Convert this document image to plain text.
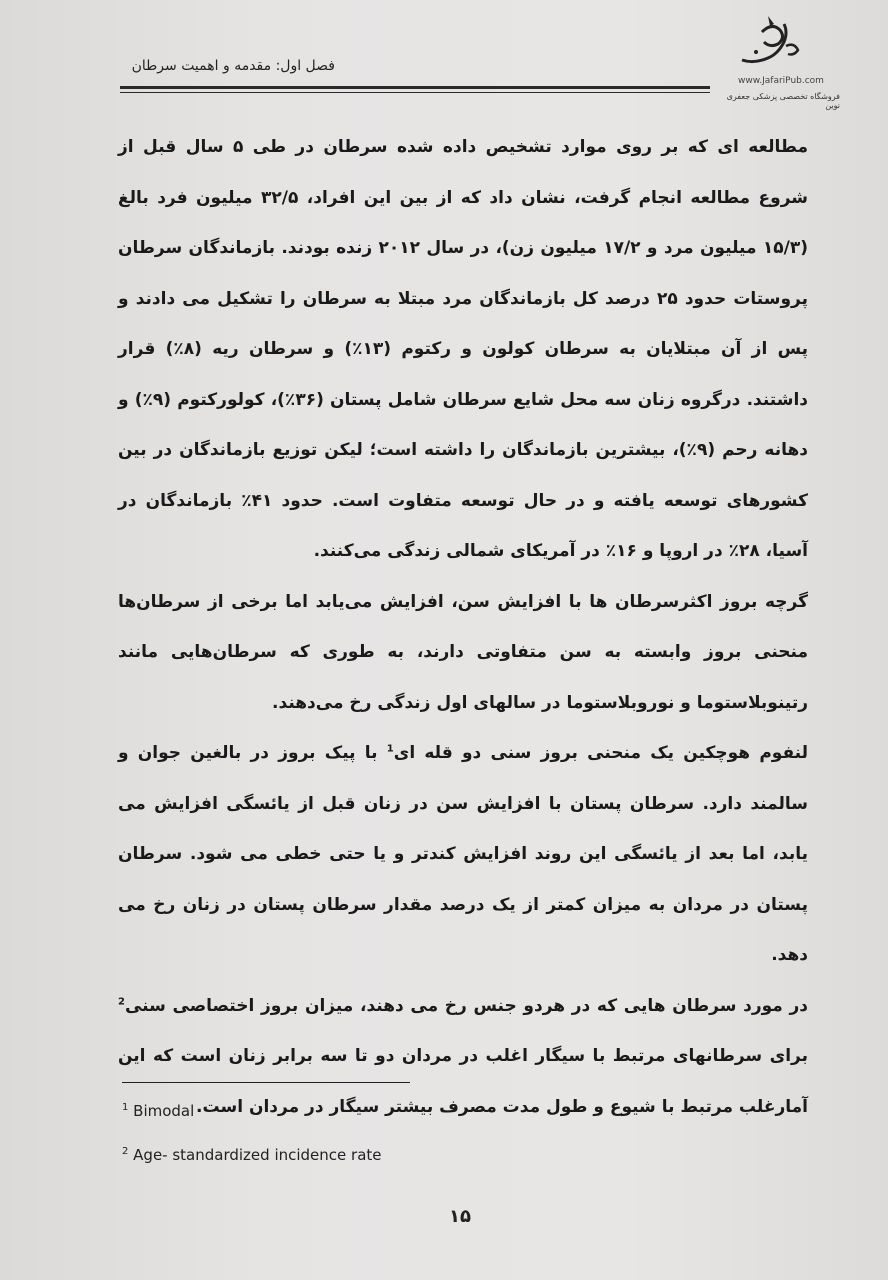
فصل اول: مقدمه و اهمیت سرطان
www.JafariPub.com
فروشگاه تخصصی پزشکی جعفری نوین

مطالعه ای که بر روی موارد تشخیص داده شده سرطان در طی ۵ سال قبل از شروع مطالعه انجام گرفت، نشان داد که از بین این افراد، ۳۲/۵ میلیون فرد بالغ (۱۵/۳ میلیون مرد و ۱۷/۲ میلیون زن)، در سال ۲۰۱۲ زنده بودند. بازماندگان سرطان پروستات حدود ۲۵ درصد کل بازماندگان مرد مبتلا به سرطان را تشکیل می دادند و پس از آن مبتلایان به سرطان کولون و رکتوم (۱۳٪) و سرطان ریه (۸٪) قرار داشتند. درگروه زنان سه محل شایع سرطان شامل پستان (۳۶٪)، کولورکتوم (۹٪) و دهانه رحم (۹٪)، بیشترین بازماندگان را داشته است؛ لیکن توزیع بازماندگان در بین کشورهای توسعه یافته و در حال توسعه متفاوت است. حدود ۴۱٪ بازماندگان در آسیا، ۲۸٪ در اروپا و ۱۶٪ در آمریکای شمالی زندگی می‌کنند.

گرچه بروز اکثرسرطان ها با افزایش سن، افزایش می‌یابد اما برخی از سرطان‌ها منحنی بروز وابسته به سن متفاوتی دارند، به طوری که سرطان‌هایی مانند رتینوبلاستوما و نوروبلاستوما در سالهای اول زندگی رخ می‌دهند.

لنفوم هوچکین یک منحنی بروز سنی دو قله ای$^1$ با پیک بروز در بالغین جوان و سالمند دارد. سرطان پستان با افزایش سن در زنان قبل از یائسگی افزایش می یابد، اما بعد از یائسگی این روند افزایش کندتر و یا حتی خطی می شود. سرطان پستان در مردان به میزان کمتر از یک درصد مقدار سرطان پستان در زنان رخ می دهد.

در مورد سرطان هایی که در هردو جنس رخ می دهند، میزان بروز اختصاصی سنی$^2$ برای سرطانهای مرتبط با سیگار اغلب در مردان دو تا سه برابر زنان است که این آمارغلب مرتبط با شیوع و طول مدت مصرف بیشتر سیگار در مردان است.

$^1$ Bimodal
$^2$ Age- standardized incidence rate
۱۵
